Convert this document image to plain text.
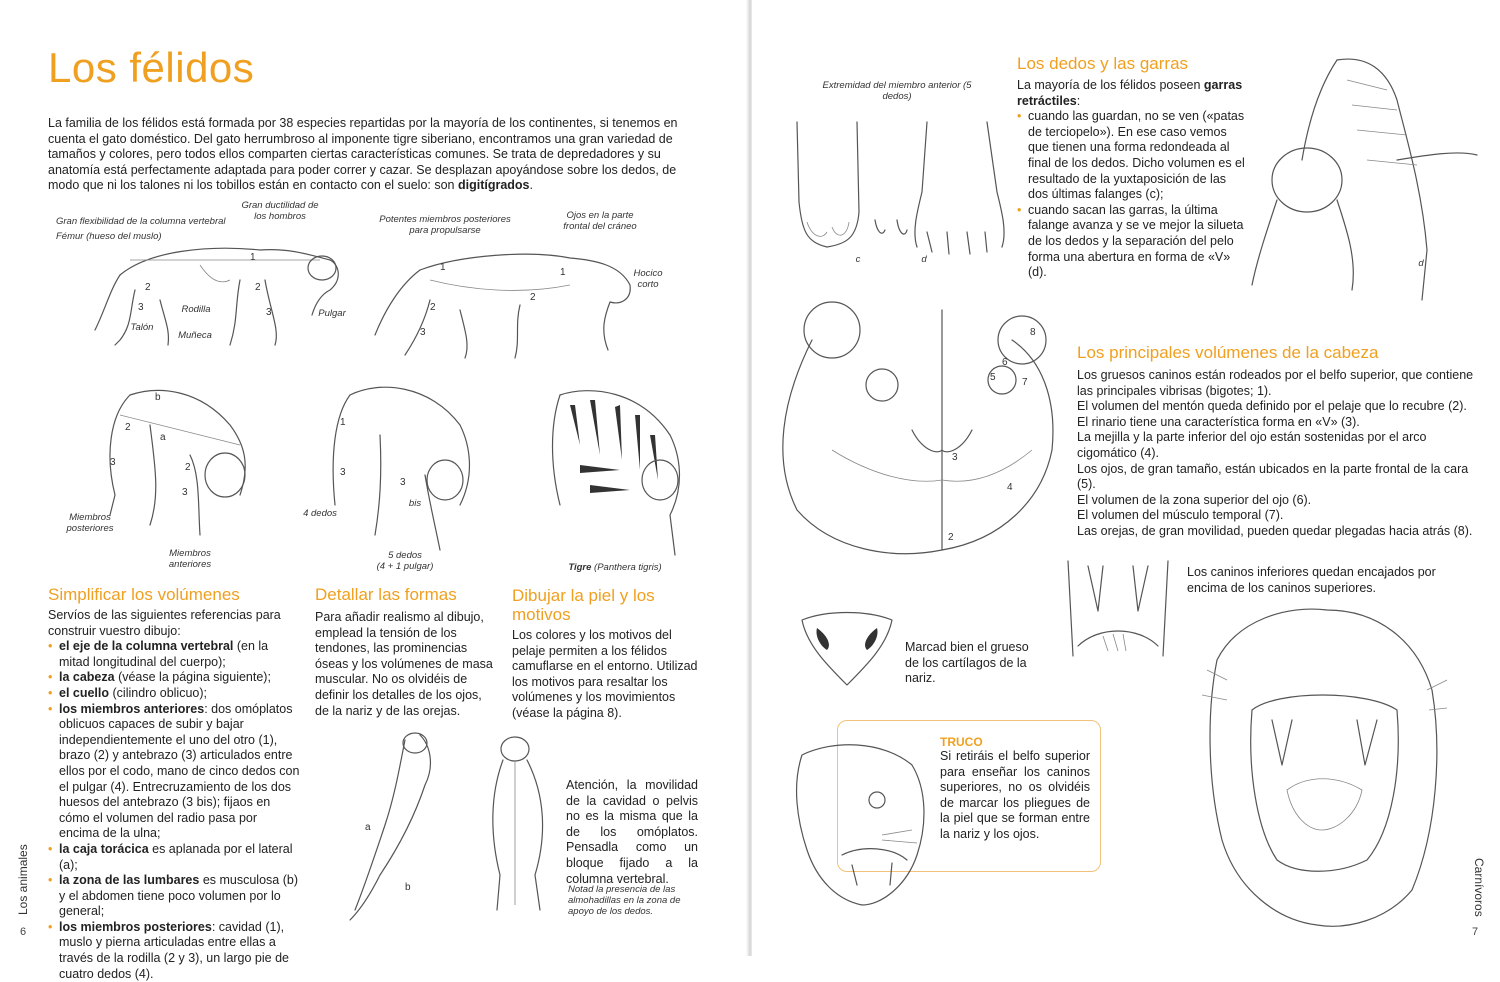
Los félidos
La familia de los félidos está formada por 38 especies repartidas por la mayoría de los continentes, si tenemos en cuenta el gato doméstico. Del gato herrumbroso al imponente tigre siberiano, encontramos una gran variedad de tamaños y colores, pero todos ellos comparten ciertas características comunes. Se trata de depredadores y su anatomía está perfectamente adaptada para poder correr y cazar. Se desplazan apoyándose sobre los dedos, de modo que ni los talones ni los tobillos están en contacto con el suelo: son digitígrados.
2
3
1
2
3
Gran flexibilidad de la columna vertebral
Fémur (hueso del muslo)
Gran ductilidad de los hombros
Rodilla
Talón
Muñeca
Pulgar
1
2
3
1
2
Potentes miembros posteriores para propulsarse
Ojos en la parte frontal del cráneo
Hocico corto
b
a
2
3	2
3
Miembros posteriores
Miembros anteriores
1
3
3
bis
4 dedos
5 dedos
(4 + 1 pulgar)	Tigre (Panthera tigris)
Simplificar los volúmenes
Servíos de las siguientes referencias para construir vuestro dibujo:
• el eje de la columna vertebral (en la mitad longitudinal del cuerpo);
• la cabeza (véase la página siguiente);
• el cuello (cilindro oblicuo);
• los miembros anteriores: dos omóplatos oblicuos capaces de subir y bajar independientemente el uno del otro (1), brazo (2) y antebrazo (3) articulados entre ellos por el codo, mano de cinco dedos con el pulgar (4). Entrecruzamiento de los dos huesos del antebrazo (3 bis); fijaos en cómo el volumen del radio pasa por encima de la ulna;
• la caja torácica es aplanada por el lateral (a);
• la zona de las lumbares es musculosa (b) y el abdomen tiene poco volumen por lo general;
• los miembros posteriores: cavidad (1), muslo y pierna articuladas entre ellas a través de la rodilla (2 y 3), un largo pie de cuatro dedos (4).
Detallar las formas
Para añadir realismo al dibujo, emplead la tensión de los tendones, las prominencias óseas y los volúmenes de masa muscular. No os olvidéis de definir los detalles de los ojos, de la nariz y de las orejas.
Dibujar la piel y los motivos
Los colores y los motivos del pelaje permiten a los félidos camuflarse en el entorno. Utilizad los motivos para resaltar los volúmenes y los movimientos (véase la página 8).
a
b
Atención, la movilidad de la cavidad o pelvis no es la misma que la de los omóplatos. Pensadla como un bloque fijado a la columna vertebral.
Notad la presencia de las almohadillas en la zona de apoyo de los dedos.
Los animales
6
Extremidad del miembro anterior (5 dedos)
c	d
Los dedos y las garras
La mayoría de los félidos poseen garras retráctiles:
• cuando las guardan, no se ven («patas de terciopelo»). En ese caso vemos que tienen una forma redondeada al final de los dedos. Dicho volumen es el resultado de la yuxtaposición de las dos últimas falanges (c);
• cuando sacan las garras, la última falange avanza y se ve mejor la silueta de los dedos y la separación del pelo forma una abertura en forma de «V» (d).
d
3
4
5
6
7
8
2
Los principales volúmenes de la cabeza
Los gruesos caninos están rodeados por el belfo superior, que contiene las principales vibrisas (bigotes; 1).
El volumen del mentón queda definido por el pelaje que lo recubre (2).
El rinario tiene una característica forma en «V» (3).
La mejilla y la parte inferior del ojo están sostenidas por el arco cigomático (4).
Los ojos, de gran tamaño, están ubicados en la parte frontal de la cara (5).
El volumen de la zona superior del ojo (6).
El volumen del músculo temporal (7).
Las orejas, de gran movilidad, pueden quedar plegadas hacia atrás (8).
Los caninos inferiores quedan encajados por encima de los caninos superiores.
Marcad bien el grueso de los cartílagos de la nariz.
TRUCO
Si retiráis el belfo superior para enseñar los caninos superiores, no os olvidéis de marcar los pliegues de la piel que se forman entre la nariz y los ojos.
Carnívoros
7
